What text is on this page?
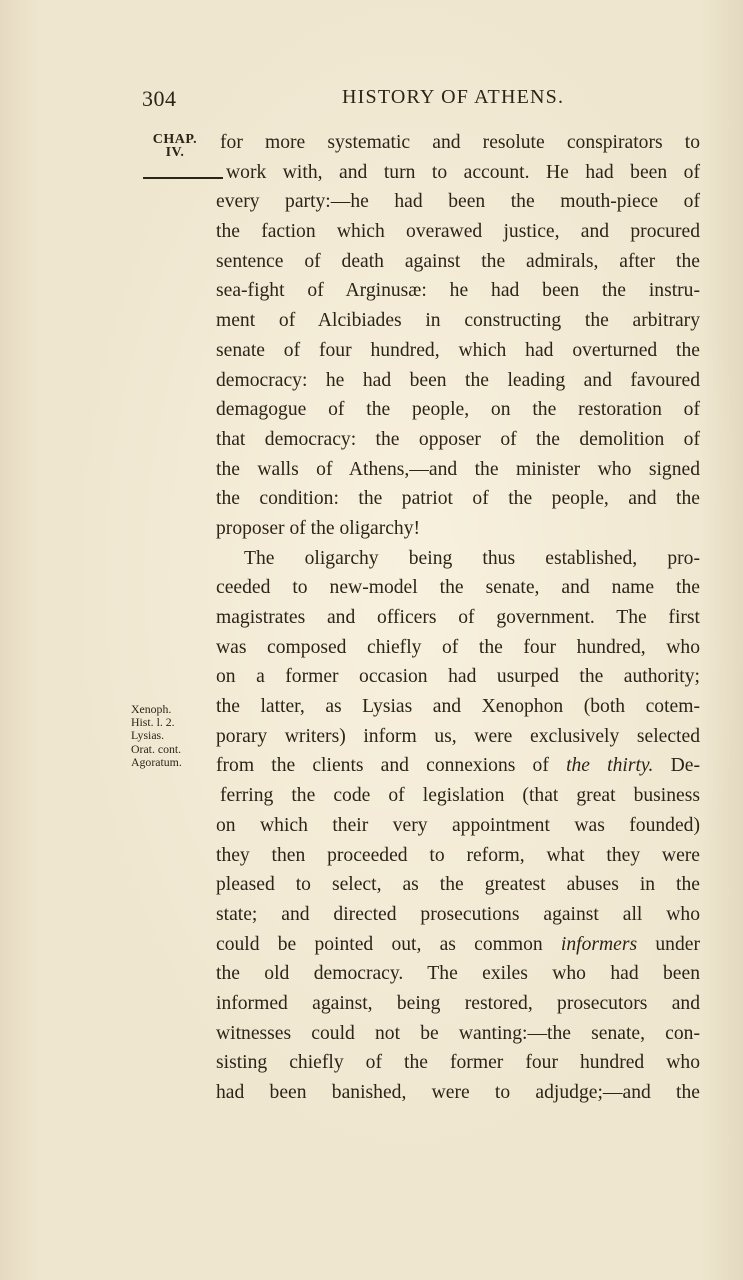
304	HISTORY OF ATHENS.
CHAP.
IV.
Xenoph.
Hist. l. 2.
Lysias.
Orat. cont.
Agoratum.
for more systematic and resolute conspirators to
work with, and turn to account. He had been of
every party:—he had been the mouth-piece of
the faction which overawed justice, and procured
sentence of death against the admirals, after the
sea-fight of Arginusæ: he had been the instru-
ment of Alcibiades in constructing the arbitrary
senate of four hundred, which had overturned the
democracy: he had been the leading and favoured
demagogue of the people, on the restoration of
that democracy: the opposer of the demolition of
the walls of Athens,—and the minister who signed
the condition: the patriot of the people, and the
proposer of the oligarchy!
The oligarchy being thus established, pro-
ceeded to new-model the senate, and name the
magistrates and officers of government. The first
was composed chiefly of the four hundred, who
on a former occasion had usurped the authority;
the latter, as Lysias and Xenophon (both cotem-
porary writers) inform us, were exclusively selected
from the clients and connexions of the thirty. De-
ferring the code of legislation (that great business
on which their very appointment was founded)
they then proceeded to reform, what they were
pleased to select, as the greatest abuses in the
state; and directed prosecutions against all who
could be pointed out, as common informers under
the old democracy. The exiles who had been
informed against, being restored, prosecutors and
witnesses could not be wanting:—the senate, con-
sisting chiefly of the former four hundred who
had been banished, were to adjudge;—and the
